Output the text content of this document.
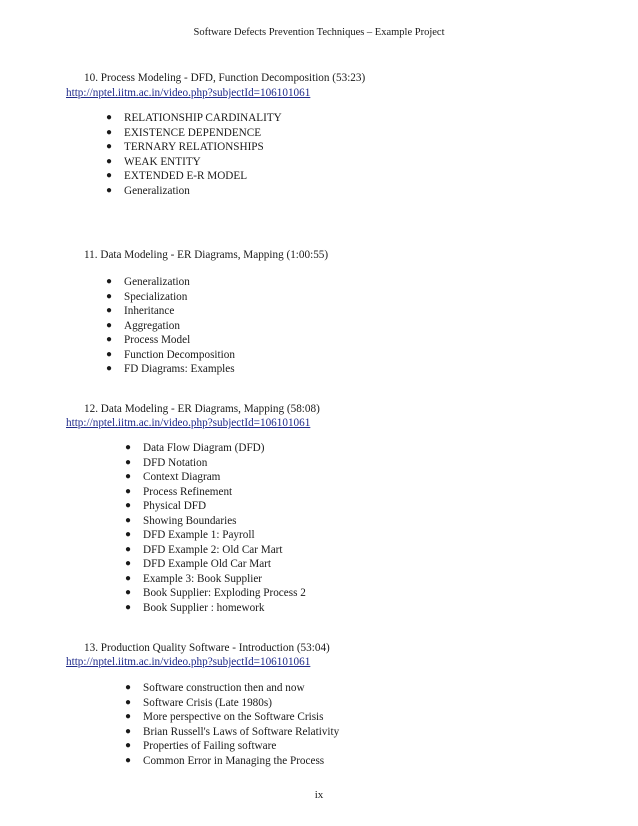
Software Defects Prevention Techniques – Example Project
10. Process Modeling - DFD, Function Decomposition (53:23)
http://nptel.iitm.ac.in/video.php?subjectId=106101061
● RELATIONSHIP CARDINALITY
● EXISTENCE DEPENDENCE
● TERNARY RELATIONSHIPS
● WEAK ENTITY
● EXTENDED E-R MODEL
● Generalization
11. Data Modeling - ER Diagrams, Mapping (1:00:55)
● Generalization
● Specialization
● Inheritance
● Aggregation
● Process Model
● Function Decomposition
● FD Diagrams: Examples
12. Data Modeling - ER Diagrams, Mapping (58:08)
http://nptel.iitm.ac.in/video.php?subjectId=106101061
● Data Flow Diagram (DFD)
● DFD Notation
● Context Diagram
● Process Refinement
● Physical DFD
● Showing Boundaries
● DFD Example 1: Payroll
● DFD Example 2: Old Car Mart
● DFD Example Old Car Mart
● Example 3: Book Supplier
● Book Supplier: Exploding Process 2
● Book Supplier : homework
13. Production Quality Software - Introduction (53:04)
http://nptel.iitm.ac.in/video.php?subjectId=106101061
● Software construction then and now
● Software Crisis (Late 1980s)
● More perspective on the Software Crisis
● Brian Russell's Laws of Software Relativity
● Properties of Failing software
● Common Error in Managing the Process
ix
